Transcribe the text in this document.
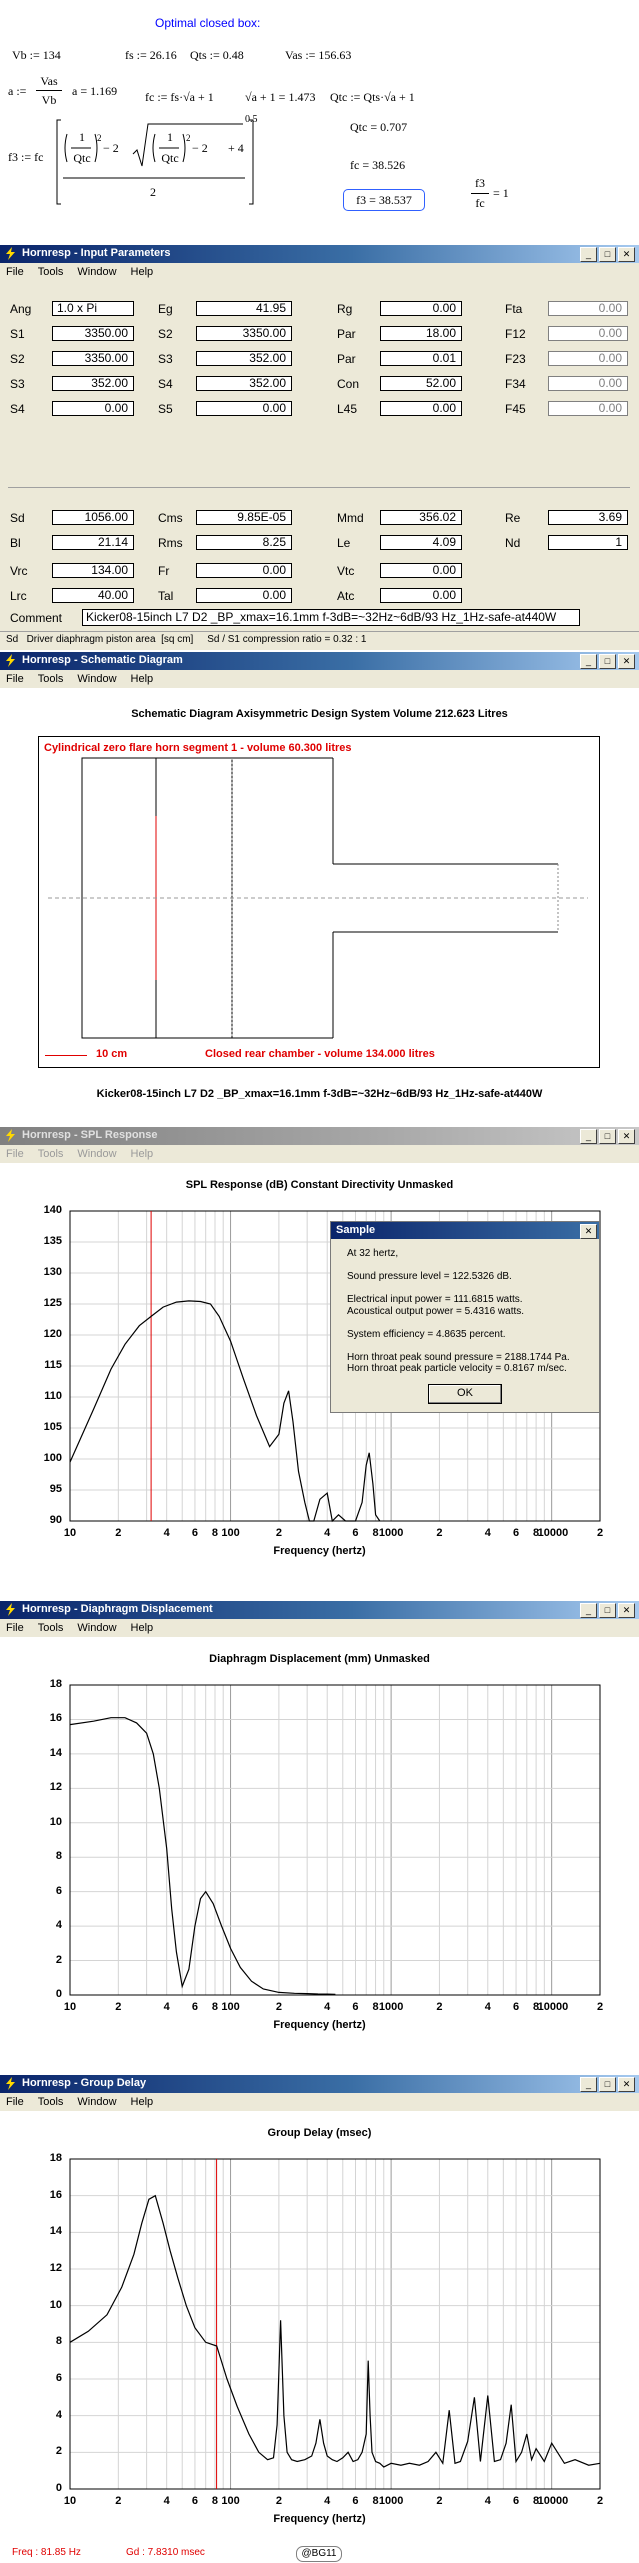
Optimal closed box:
Vb := 134	fs := 26.16 Qts := 0.48	Vas := 156.63
a :=
Vas
Vb
a = 1.169 fc := fs·√a + 1	√a + 1 = 1.473 Qtc := Qts·√a + 1
Qtc = 0.707
fc = 38.526
f3 := fc
1
Qtc
2
− 2
1
Qtc
2
− 2 + 4
2
0.5
f3 = 38.537
f3
fc
= 1
Hornresp - Input Parameters	_	□	✕
File Tools Window Help
Comment	Kicker08-15inch L7 D2 _BP_xmax=16.1mm f-3dB=~32Hz~6dB/93 Hz_1Hz-safe-at440W
Sd   Driver diaphragm piston area  [sq cm]     Sd / S1 compression ratio = 0.32 : 1
Ang	1.0 x Pi	Eg	41.95	Rg	0.00	Fta	0.00
S1	3350.00	S2	3350.00	Par	18.00	F12	0.00
S2	3350.00	S3	352.00	Par	0.01	F23	0.00
S3	352.00	S4	352.00	Con	52.00	F34	0.00
S4	0.00	S5	0.00	L45	0.00	F45	0.00
Sd	1056.00	Cms	9.85E-05	Mmd	356.02	Re	3.69
Bl	21.14	Rms	8.25	Le	4.09	Nd	1
Vrc	134.00	Fr	0.00	Vtc	0.00
Lrc	40.00	Tal	0.00	Atc	0.00
Hornresp - Schematic Diagram	_	□	✕
File Tools Window Help
Schematic Diagram Axisymmetric Design System Volume 212.623 Litres
Cylindrical zero flare horn segment 1 - volume 60.300 litres
10 cm	Closed rear chamber - volume 134.000 litres
Kicker08-15inch L7 D2 _BP_xmax=16.1mm f-3dB=~32Hz~6dB/93 Hz_1Hz-safe-at440W
Hornresp - SPL Response	_	□	✕
File Tools Window Help
SPL Response (dB) Constant Directivity Unmasked
90
95
100
105
110
115
120
125
130
135
140
10	2	4	6	8 100	2	4	6	8 1000	2	4	6	8
10000	2
Frequency (hertz)
Sample	✕
At 32 hertz,
Sound pressure level = 122.5326 dB.
Electrical input power = 111.6815 watts.
Acoustical output power = 5.4316 watts.
System efficiency = 4.8635 percent.
Horn throat peak sound pressure = 2188.1744 Pa.
Horn throat peak particle velocity = 0.8167 m/sec.
OK
Hornresp - Diaphragm Displacement	_	□	✕
File Tools Window Help
Diaphragm Displacement (mm) Unmasked
0
2
4
6
8
10
12
14
16
18
10	2	4	6	8 100	2	4	6	8 1000	2	4	6	8
10000	2
Frequency (hertz)
Hornresp - Group Delay	_	□	✕
File Tools Window Help
Group Delay (msec)
Freq : 81.85 Hz	Gd : 7.8310 msec	@BG11
0
2
4
6
8
10
12
14
16
18
10	2	4	6	8 100	2	4	6	8 1000	2	4	6	8
10000	2
Frequency (hertz)
